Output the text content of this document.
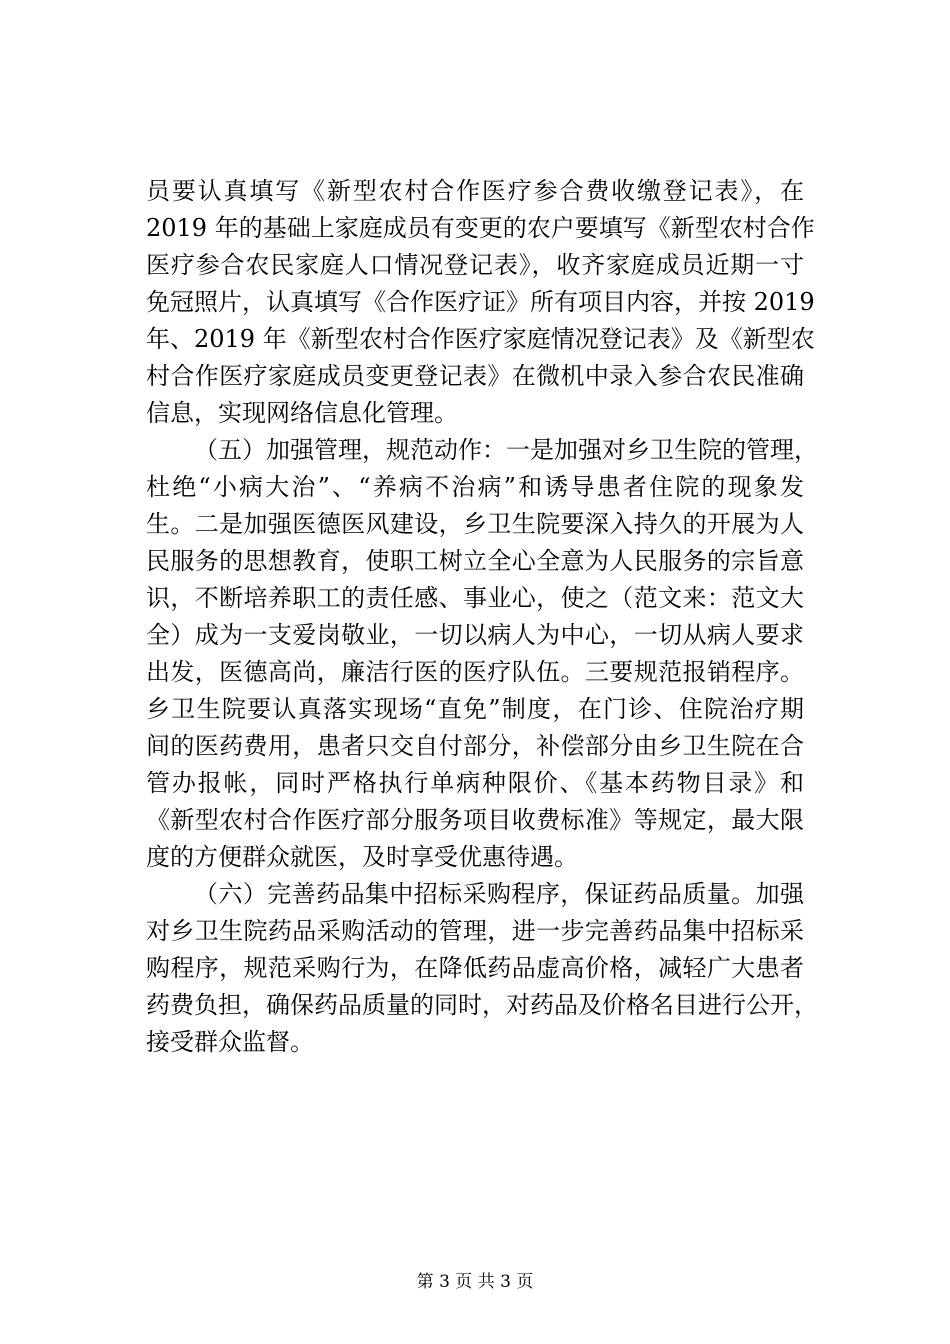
员要认真填写《新型农村合作医疗参合费收缴登记表》，在
2019 年的基础上家庭成员有变更的农户要填写《新型农村合作
医疗参合农民家庭人口情况登记表》，收齐家庭成员近期一寸
免冠照片，认真填写《合作医疗证》所有项目内容，并按 2019
年、2019 年《新型农村合作医疗家庭情况登记表》及《新型农
村合作医疗家庭成员变更登记表》在微机中录入参合农民准确
信息，实现网络信息化管理。
（五）加强管理，规范动作：一是加强对乡卫生院的管理，
杜绝“小病大治”、“养病不治病”和诱导患者住院的现象发
生。二是加强医德医风建设，乡卫生院要深入持久的开展为人
民服务的思想教育，使职工树立全心全意为人民服务的宗旨意
识，不断培养职工的责任感、事业心，使之（范文来：范文大
全）成为一支爱岗敬业，一切以病人为中心，一切从病人要求
出发，医德高尚，廉洁行医的医疗队伍。三要规范报销程序。
乡卫生院要认真落实现场“直免”制度，在门诊、住院治疗期
间的医药费用，患者只交自付部分，补偿部分由乡卫生院在合
管办报帐，同时严格执行单病种限价、《基本药物目录》和
《新型农村合作医疗部分服务项目收费标准》等规定，最大限
度的方便群众就医，及时享受优惠待遇。
（六）完善药品集中招标采购程序，保证药品质量。加强
对乡卫生院药品采购活动的管理，进一步完善药品集中招标采
购程序，规范采购行为，在降低药品虚高价格，减轻广大患者
药费负担，确保药品质量的同时，对药品及价格名目进行公开，
接受群众监督。
第 3 页 共 3 页
